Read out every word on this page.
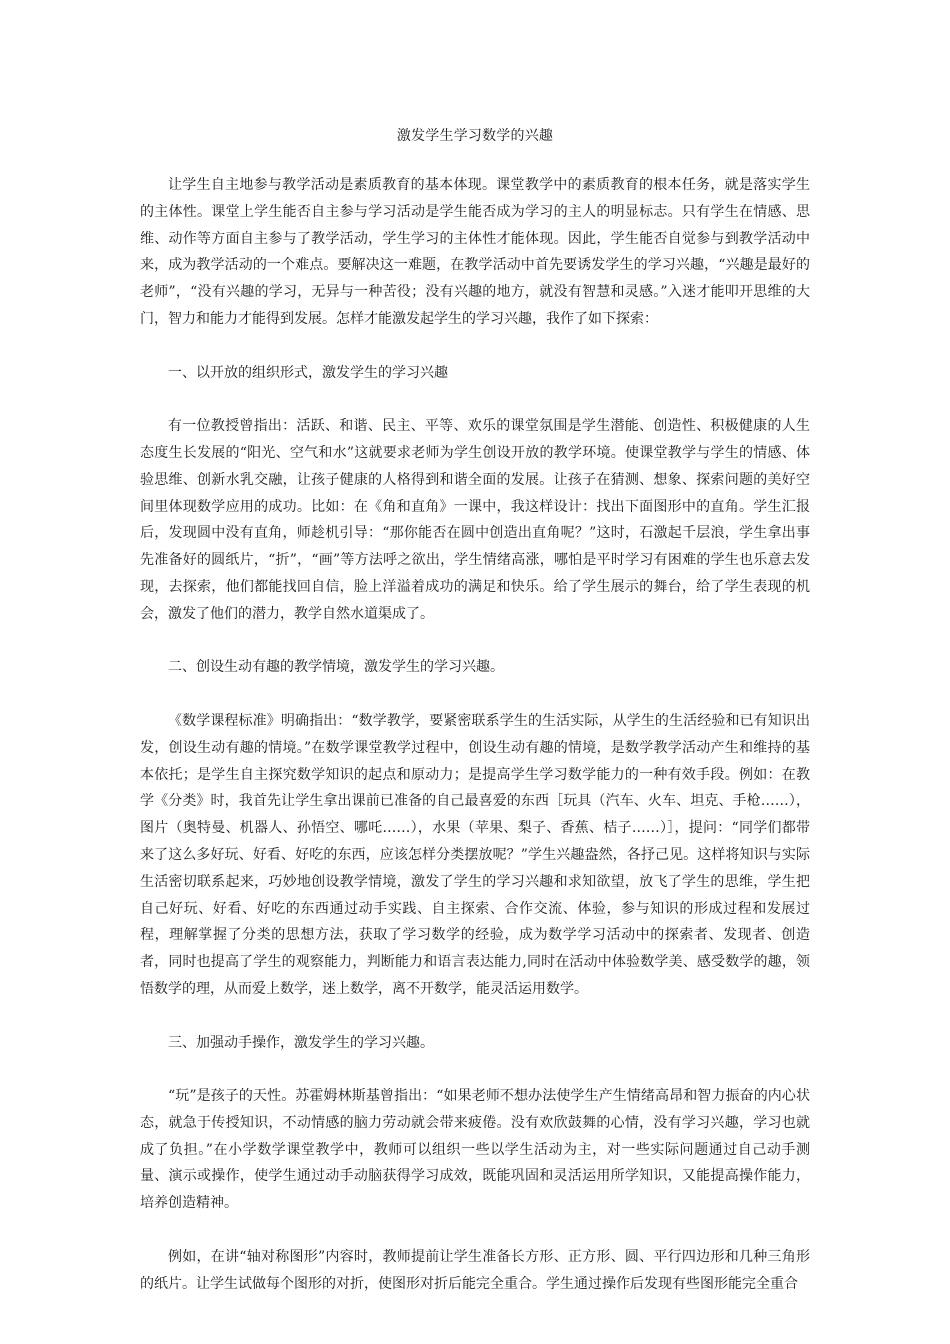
激发学生学习数学的兴趣

让学生自主地参与教学活动是素质教育的基本体现。课堂教学中的素质教育的根本任务，就是落实学生的主体性。课堂上学生能否自主参与学习活动是学生能否成为学习的主人的明显标志。只有学生在情感、思维、动作等方面自主参与了教学活动，学生学习的主体性才能体现。因此，学生能否自觉参与到教学活动中来，成为教学活动的一个难点。要解决这一难题，在教学活动中首先要诱发学生的学习兴趣，“兴趣是最好的老师”，“没有兴趣的学习，无异与一种苦役；没有兴趣的地方，就没有智慧和灵感。”入迷才能叩开思维的大门，智力和能力才能得到发展。怎样才能激发起学生的学习兴趣，我作了如下探索：

一、以开放的组织形式，激发学生的学习兴趣

有一位教授曾指出：活跃、和谐、民主、平等、欢乐的课堂氛围是学生潜能、创造性、积极健康的人生态度生长发展的“阳光、空气和水”这就要求老师为学生创设开放的教学环境。使课堂教学与学生的情感、体验思维、创新水乳交融，让孩子健康的人格得到和谐全面的发展。让孩子在猜测、想象、探索问题的美好空间里体现数学应用的成功。比如：在《角和直角》一课中，我这样设计：找出下面图形中的直角。学生汇报后，发现圆中没有直角，师趁机引导：“那你能否在圆中创造出直角呢？”这时，石激起千层浪，学生拿出事先准备好的圆纸片，“折”，“画”等方法呼之欲出，学生情绪高涨，哪怕是平时学习有困难的学生也乐意去发现，去探索，他们都能找回自信，脸上洋溢着成功的满足和快乐。给了学生展示的舞台，给了学生表现的机会，激发了他们的潜力，教学自然水道渠成了。

二、创设生动有趣的教学情境，激发学生的学习兴趣。

《数学课程标准》明确指出：“数学教学，要紧密联系学生的生活实际，从学生的生活经验和已有知识出发，创设生动有趣的情境。”在数学课堂教学过程中，创设生动有趣的情境，是数学教学活动产生和维持的基本依托；是学生自主探究数学知识的起点和原动力；是提高学生学习数学能力的一种有效手段。例如：在教学《分类》时，我首先让学生拿出课前已准备的自己最喜爱的东西［玩具（汽车、火车、坦克、手枪……），图片（奥特曼、机器人、孙悟空、哪吒……），水果（苹果、梨子、香蕉、桔子……）］，提问：“同学们都带来了这么多好玩、好看、好吃的东西，应该怎样分类摆放呢？”学生兴趣盎然，各抒己见。这样将知识与实际生活密切联系起来，巧妙地创设教学情境，激发了学生的学习兴趣和求知欲望，放飞了学生的思维，学生把自己好玩、好看、好吃的东西通过动手实践、自主探索、合作交流、体验，参与知识的形成过程和发展过程，理解掌握了分类的思想方法，获取了学习数学的经验，成为数学学习活动中的探索者、发现者、创造者，同时也提高了学生的观察能力，判断能力和语言表达能力,同时在活动中体验数学美、感受数学的趣，领悟数学的理，从而爱上数学，迷上数学，离不开数学，能灵活运用数学。

三、加强动手操作，激发学生的学习兴趣。

“玩”是孩子的天性。苏霍姆林斯基曾指出：“如果老师不想办法使学生产生情绪高昂和智力振奋的内心状态，就急于传授知识，不动情感的脑力劳动就会带来疲倦。没有欢欣鼓舞的心情，没有学习兴趣，学习也就成了负担。”在小学数学课堂教学中，教师可以组织一些以学生活动为主，对一些实际问题通过自己动手测量、演示或操作，使学生通过动手动脑获得学习成效，既能巩固和灵活运用所学知识，又能提高操作能力，培养创造精神。

例如，在讲“轴对称图形”内容时，教师提前让学生准备长方形、正方形、圆、平行四边形和几种三角形的纸片。让学生试做每个图形的对折，使图形对折后能完全重合。学生通过操作后发现有些图形能完全重合
